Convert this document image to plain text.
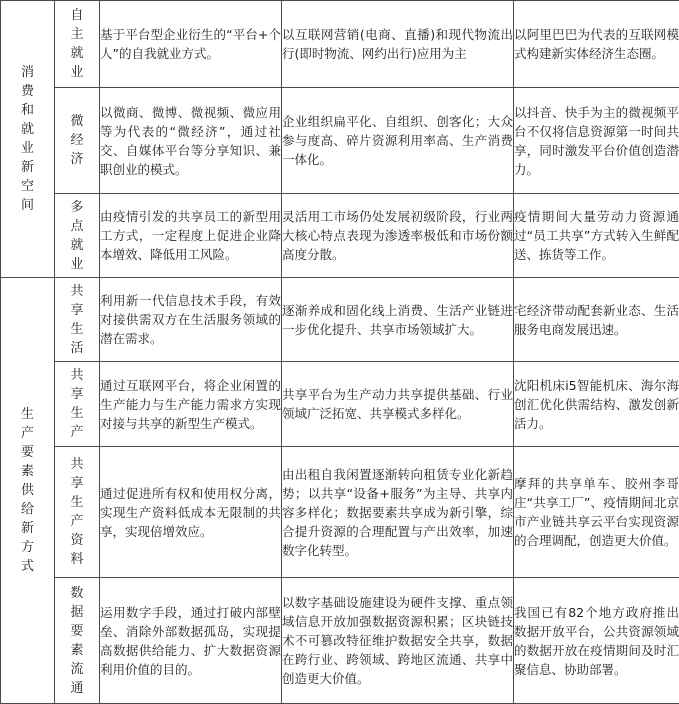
消费和就业新空间	自主就业	基于平台型企业衍生的“平台+个人”的自我就业方式。	以互联网营销(电商、直播)和现代物流出行(即时物流、网约出行)应用为主	以阿里巴巴为代表的互联网模式构建新实体经济生态圈。
	微经济	以微商、微博、微视频、微应用等为代表的“微经济”，通过社交、自媒体平台等分享知识、兼职创业的模式。	企业组织扁平化、自组织、创客化；大众参与度高、碎片资源利用率高、生产消费一体化。	以抖音、快手为主的微视频平台不仅将信息资源第一时间共享，同时激发平台价值创造潜力。
	多点就业	由疫情引发的共享员工的新型用工方式，一定程度上促进企业降本增效、降低用工风险。	灵活用工市场仍处发展初级阶段，行业两大核心特点表现为渗透率极低和市场份额高度分散。	疫情期间大量劳动力资源通过“员工共享”方式转入生鲜配送、拣货等工作。
生产要素供给新方式	共享生活	利用新一代信息技术手段，有效对接供需双方在生活服务领域的潜在需求。	逐渐养成和固化线上消费、生活产业链进一步优化提升、共享市场领域扩大。	宅经济带动配套新业态、生活服务电商发展迅速。
	共享生产	通过互联网平台，将企业闲置的生产能力与生产能力需求方实现对接与共享的新型生产模式。	共享平台为生产动力共享提供基础、行业领域广泛拓宽、共享模式多样化。	沈阳机床i5智能机床、海尔海创汇优化供需结构、激发创新活力。
	共享生产资料	通过促进所有权和使用权分离，实现生产资料低成本无限制的共享，实现倍增效应。	由出租自我闲置逐渐转向租赁专业化新趋势；以共享“设备+服务”为主导、共享内容多样化；数据要素共享成为新引擎，综合提升资源的合理配置与产出效率，加速数字化转型。	摩拜的共享单车、胶州李哥庄“共享工厂”、疫情期间北京市产业链共享云平台实现资源的合理调配，创造更大价值。
	数据要素流通	运用数字手段，通过打破内部壁垒、消除外部数据孤岛，实现提高数据供给能力、扩大数据资源利用价值的目的。	以数字基础设施建设为硬件支撑、重点领域信息开放加强数据资源积累；区块链技术不可篡改特征维护数据安全共享，数据在跨行业、跨领域、跨地区流通、共享中创造更大价值。	我国已有82个地方政府推出数据开放平台，公共资源领域的数据开放在疫情期间及时汇聚信息、协助部署。
